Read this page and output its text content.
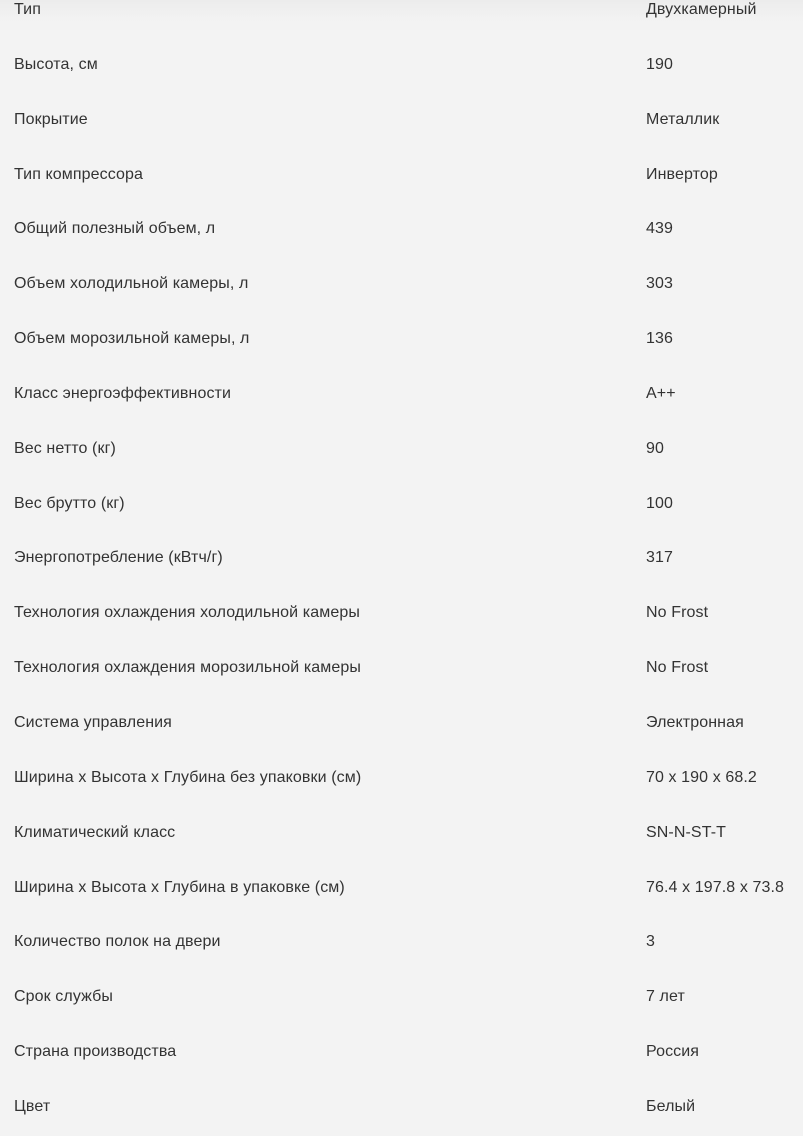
Тип	Двухкамерный
Высота, см	190
Покрытие	Металлик
Тип компрессора	Инвертор
Общий полезный объем, л	439
Объем холодильной камеры, л	303
Объем морозильной камеры, л	136
Класс энергоэффективности	A++
Вес нетто (кг)	90
Вес брутто (кг)	100
Энергопотребление (кВтч/г)	317
Технология охлаждения холодильной камеры	No Frost
Технология охлаждения морозильной камеры	No Frost
Система управления	Электронная
Ширина x Высота x Глубина без упаковки (см)	70 x 190 x 68.2
Климатический класс	SN-N-ST-T
Ширина x Высота x Глубина в упаковке (см)	76.4 x 197.8 x 73.8
Количество полок на двери	3
Срок службы	7 лет
Страна производства	Россия
Цвет	Белый
